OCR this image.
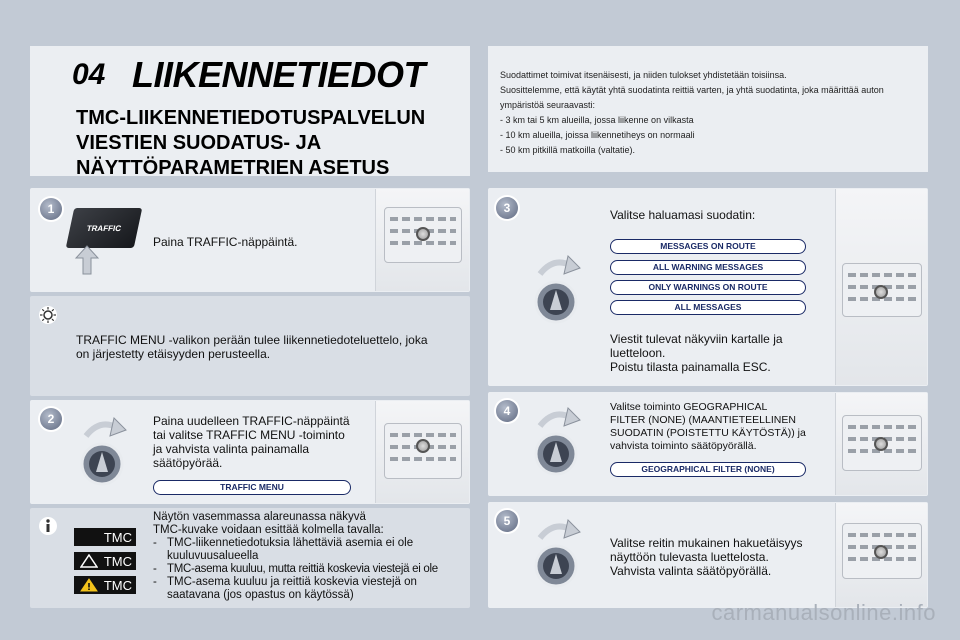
04 LIIKENNETIEDOT
TMC-LIIKENNETIEDOTUSPALVELUN
VIESTIEN SUODATUS- JA
NÄYTTÖPARAMETRIEN ASETUS
Suodattimet toimivat itsenäisesti, ja niiden tulokset yhdistetään toisiinsa.
Suosittelemme, että käytät yhtä suodatinta reittiä varten, ja yhtä suodatinta, joka määrittää auton
ympäristöä seuraavasti:
- 3 km tai 5 km alueilla, jossa liikenne on vilkasta
- 10 km alueilla, joissa liikennetiheys on normaali
- 50 km pitkillä matkoilla (valtatie).
1
TRAFFIC
Paina TRAFFIC-näppäintä.
TRAFFIC MENU -valikon perään tulee liikennetiedoteluettelo, joka
on järjestetty etäisyyden perusteella.
2	Paina uudelleen TRAFFIC-näppäintä
tai valitse TRAFFIC MENU -toiminto
ja vahvista valinta painamalla
säätöpyörää.
TRAFFIC MENU
TMC
TMC
TMC
Näytön vasemmassa alareunassa näkyvä
TMC-kuvake voidaan esittää kolmella tavalla:
- TMC-liikennetiedotuksia lähettäviä asemia ei ole
kuuluvuusalueella
- TMC-asema kuuluu, mutta reittiä koskevia viestejä ei ole
- TMC-asema kuuluu ja reittiä koskevia viestejä on
saatavana (jos opastus on käytössä)
3	Valitse haluamasi suodatin:
MESSAGES ON ROUTE
ALL WARNING MESSAGES
ONLY WARNINGS ON ROUTE
ALL MESSAGES
Viestit tulevat näkyviin kartalle ja
luetteloon.
Poistu tilasta painamalla ESC.
4	Valitse toiminto GEOGRAPHICAL
FILTER (NONE) (MAANTIETEELLINEN
SUODATIN (POISTETTU KÄYTÖSTÄ)) ja
vahvista toiminto säätöpyörällä.
GEOGRAPHICAL FILTER (NONE)
5
Valitse reitin mukainen hakuetäisyys
näyttöön tulevasta luettelosta.
Vahvista valinta säätöpyörällä.
carmanualsonline.info
